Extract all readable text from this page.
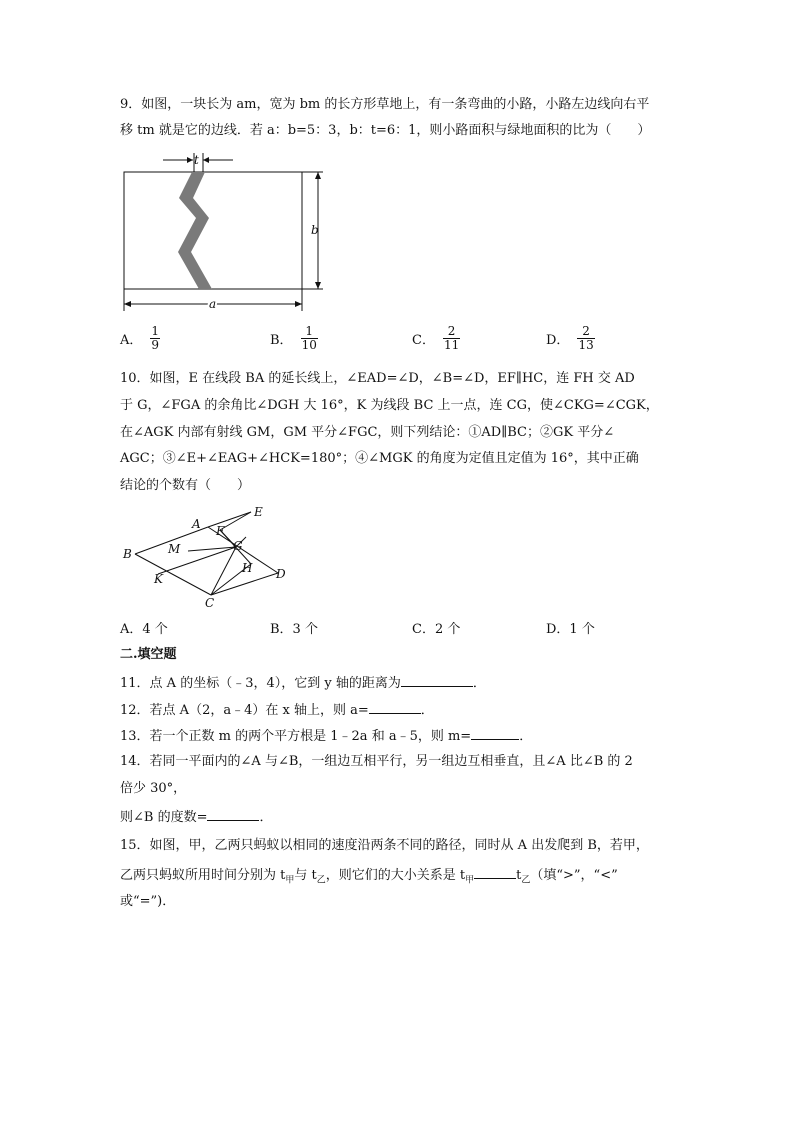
9．如图，一块长为 am，宽为 bm 的长方形草地上，有一条弯曲的小路，小路左边线向右平
移 tm 就是它的边线．若 a：b=5：3，b：t=6：1，则小路面积与绿地面积的比为（　　）
t
b
a
A． $\frac{1}{9}$	B． $\frac{1}{10}$	C． $\frac{2}{11}$	D． $\frac{2}{13}$
10．如图，E 在线段 BA 的延长线上，∠EAD=∠D，∠B=∠D，EF∥HC，连 FH 交 AD
于 G，∠FGA 的余角比∠DGH 大 16°，K 为线段 BC 上一点，连 CG，使∠CKG=∠CGK，
在∠AGK 内部有射线 GM，GM 平分∠FGC，则下列结论：①AD∥BC；②GK 平分∠
AGC；③∠E+∠EAG+∠HCK=180°；④∠MGK 的角度为定值且定值为 16°，其中正确
结论的个数有（　　）
E
A F
B	M	G
H D
K
C
A．4 个	B．3 个	C．2 个	D．1 个
二.填空题
11．点 A 的坐标（﹣3，4），它到 y 轴的距离为	．
12．若点 A（2，a﹣4）在 x 轴上，则 a=	．
13．若一个正数 m 的两个平方根是 1﹣2a 和 a﹣5，则 m=	．
14．若同一平面内的∠A 与∠B，一组边互相平行，另一组边互相垂直，且∠A 比∠B 的 2
倍少 30°，
则∠B 的度数=	．
15．如图，甲，乙两只蚂蚁以相同的速度沿两条不同的路径，同时从 A 出发爬到 B，若甲，
乙两只蚂蚁所用时间分别为 $t_甲$与 $t_乙$，则它们的大小关系是 $t_甲$	$t_乙$（填“>”，“<”
或“=”)．
